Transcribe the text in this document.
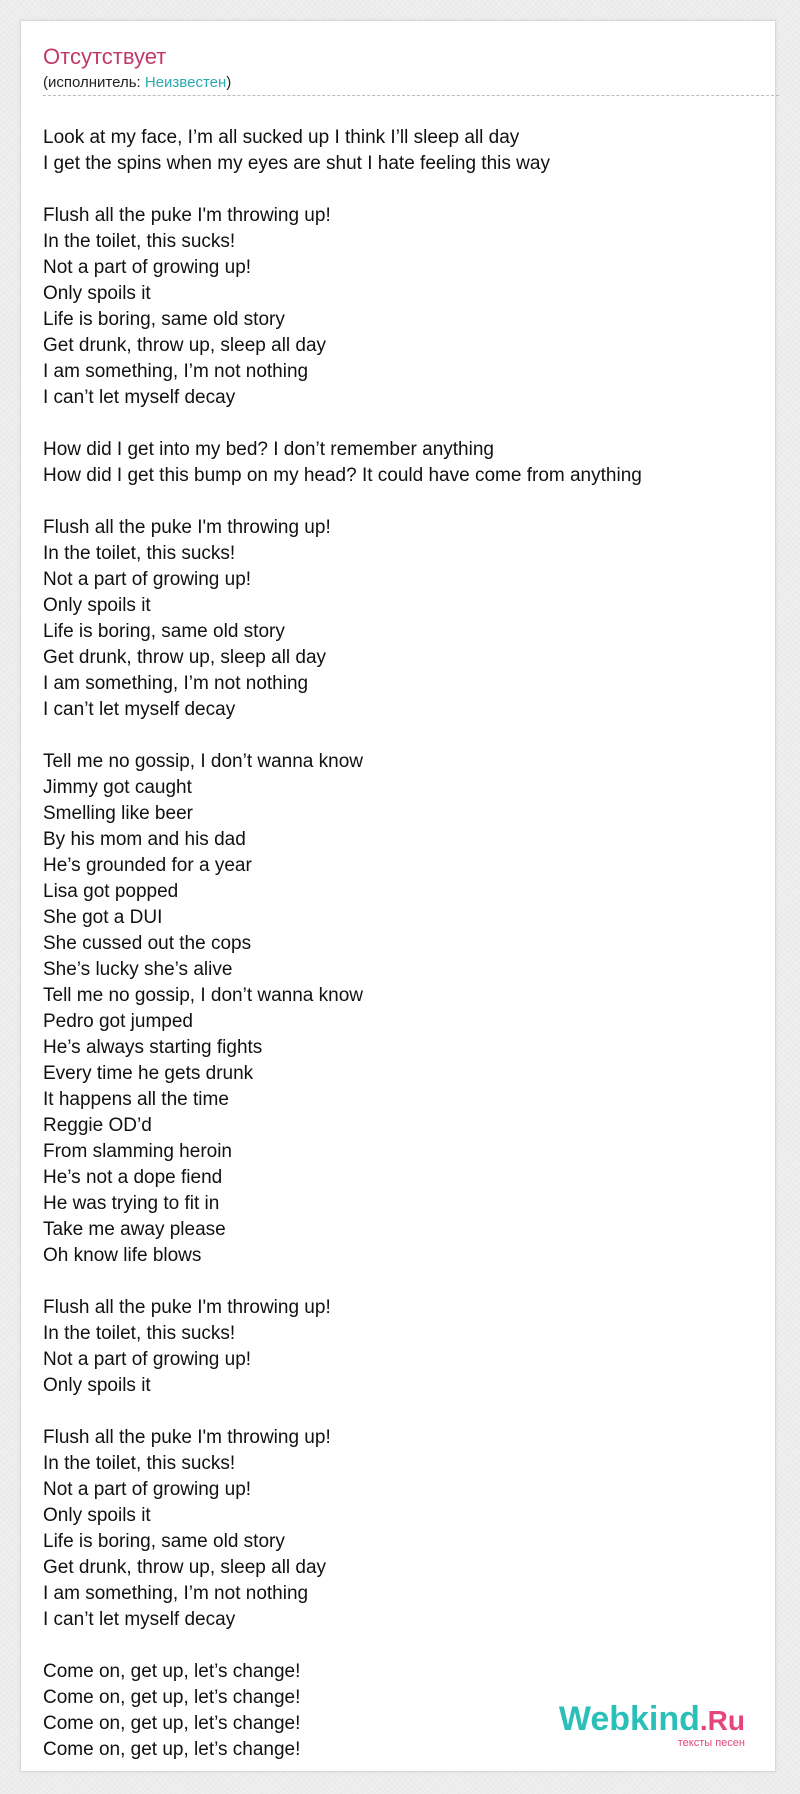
Отсутствует
(исполнитель: Неизвестен)
Look at my face, I’m all sucked up I think I’ll sleep all day
I get the spins when my eyes are shut I hate feeling this way
Flush all the puke I'm throwing up!
In the toilet, this sucks!
Not a part of growing up!
Only spoils it
Life is boring, same old story
Get drunk, throw up, sleep all day
I am something, I’m not nothing
I can’t let myself decay
How did I get into my bed? I don’t remember anything
How did I get this bump on my head? It could have come from anything
Flush all the puke I'm throwing up!
In the toilet, this sucks!
Not a part of growing up!
Only spoils it
Life is boring, same old story
Get drunk, throw up, sleep all day
I am something, I’m not nothing
I can’t let myself decay
Tell me no gossip, I don’t wanna know
Jimmy got caught
Smelling like beer
By his mom and his dad
He’s grounded for a year
Lisa got popped
She got a DUI
She cussed out the cops
She’s lucky she’s alive
Tell me no gossip, I don’t wanna know
Pedro got jumped
He’s always starting fights
Every time he gets drunk
It happens all the time
Reggie OD’d
From slamming heroin
He’s not a dope fiend
He was trying to fit in
Take me away please
Oh know life blows
Flush all the puke I'm throwing up!
In the toilet, this sucks!
Not a part of growing up!
Only spoils it
Flush all the puke I'm throwing up!
In the toilet, this sucks!
Not a part of growing up!
Only spoils it
Life is boring, same old story
Get drunk, throw up, sleep all day
I am something, I’m not nothing
I can’t let myself decay
Come on, get up, let’s change!
Come on, get up, let’s change!
Come on, get up, let’s change!
Come on, get up, let’s change!
Webkind.Ru
тексты песен
